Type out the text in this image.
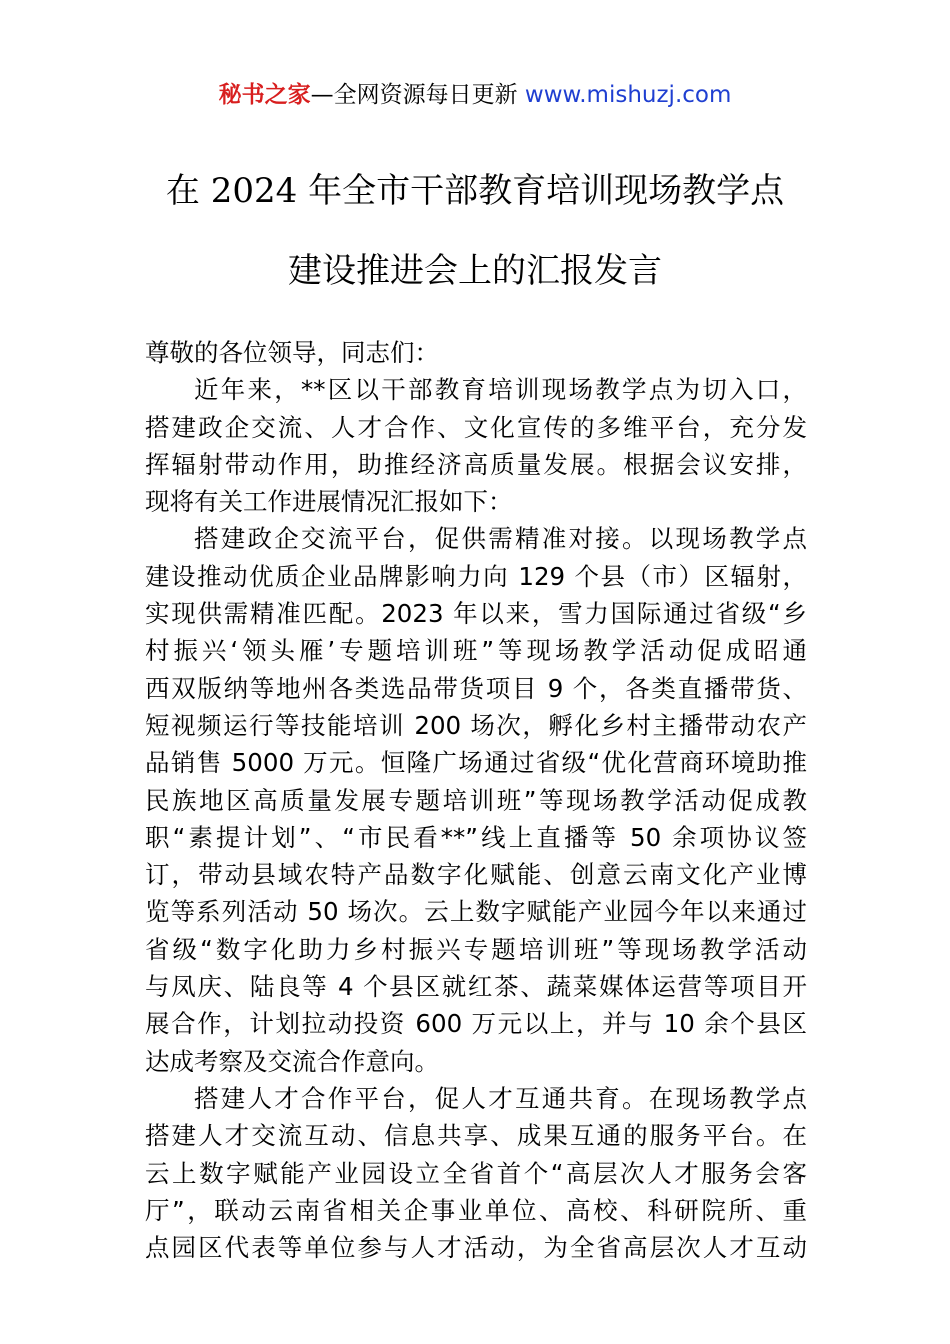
秘书之家—全网资源每日更新 www.mishuzj.com
在 2024 年全市干部教育培训现场教学点
建设推进会上的汇报发言
尊敬的各位领导，同志们：
近年来，**区以干部教育培训现场教学点为切入口，
搭建政企交流、人才合作、文化宣传的多维平台，充分发
挥辐射带动作用，助推经济高质量发展。根据会议安排，
现将有关工作进展情况汇报如下：
搭建政企交流平台，促供需精准对接。以现场教学点
建设推动优质企业品牌影响力向 129 个县（市）区辐射，
实现供需精准匹配。2023 年以来，雪力国际通过省级“乡
村振兴‘领头雁’专题培训班”等现场教学活动促成昭通
西双版纳等地州各类选品带货项目 9 个，各类直播带货、
短视频运行等技能培训 200 场次，孵化乡村主播带动农产
品销售 5000 万元。恒隆广场通过省级“优化营商环境助推
民族地区高质量发展专题培训班”等现场教学活动促成教
职“素提计划”、“市民看**”线上直播等 50 余项协议签
订，带动县域农特产品数字化赋能、创意云南文化产业博
览等系列活动 50 场次。云上数字赋能产业园今年以来通过
省级“数字化助力乡村振兴专题培训班”等现场教学活动
与凤庆、陆良等 4 个县区就红茶、蔬菜媒体运营等项目开
展合作，计划拉动投资 600 万元以上，并与 10 余个县区
达成考察及交流合作意向。
搭建人才合作平台，促人才互通共育。在现场教学点
搭建人才交流互动、信息共享、成果互通的服务平台。在
云上数字赋能产业园设立全省首个“高层次人才服务会客
厅”，联动云南省相关企事业单位、高校、科研院所、重
点园区代表等单位参与人才活动，为全省高层次人才互动
